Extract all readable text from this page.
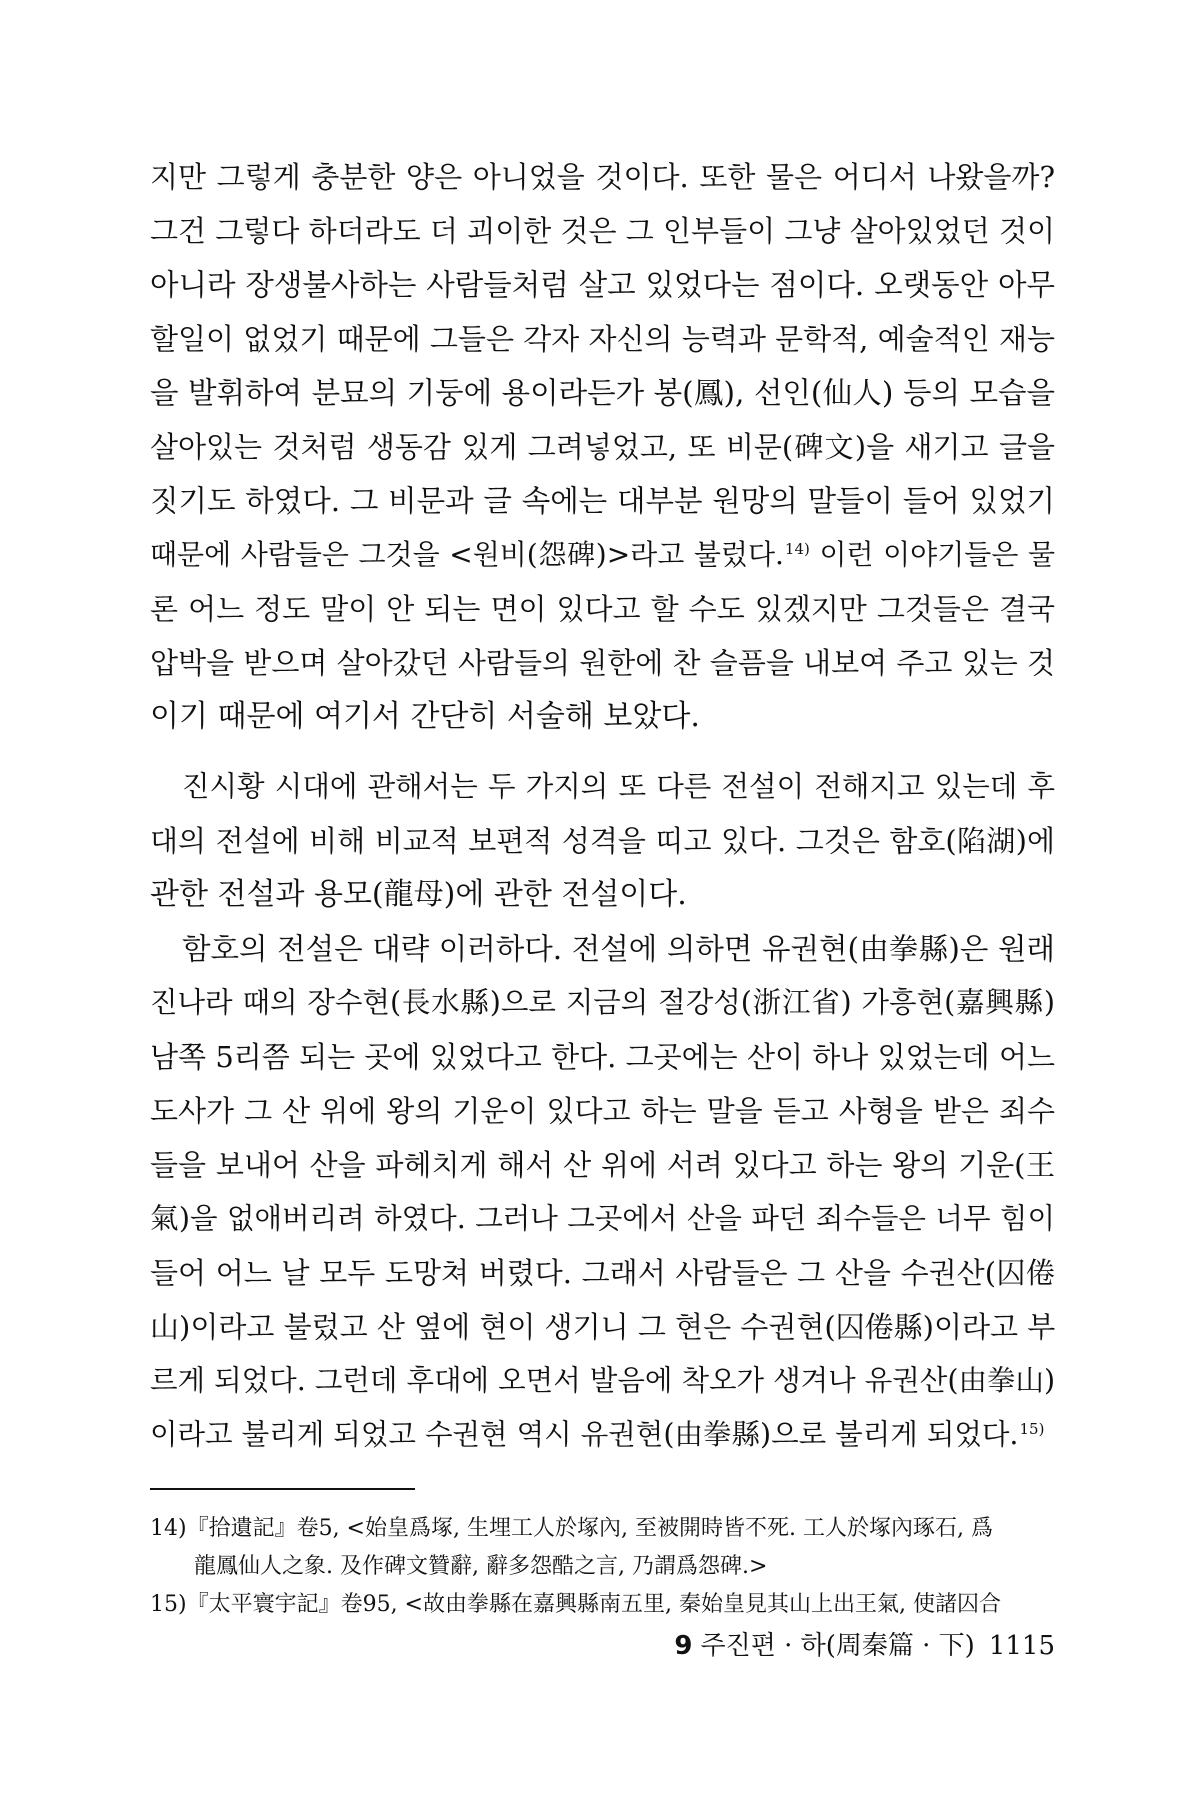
지만 그렇게 충분한 양은 아니었을 것이다. 또한 물은 어디서 나왔을까?
그건 그렇다 하더라도 더 괴이한 것은 그 인부들이 그냥 살아있었던 것이
아니라 장생불사하는 사람들처럼 살고 있었다는 점이다. 오랫동안 아무
할일이 없었기 때문에 그들은 각자 자신의 능력과 문학적, 예술적인 재능
을 발휘하여 분묘의 기둥에 용이라든가 봉(鳳), 선인(仙人) 등의 모습을
살아있는 것처럼 생동감 있게 그려넣었고, 또 비문(碑文)을 새기고 글을
짓기도 하였다. 그 비문과 글 속에는 대부분 원망의 말들이 들어 있었기
때문에 사람들은 그것을 <원비(怨碑)>라고 불렀다.$^{14)}$ 이런 이야기들은 물
론 어느 정도 말이 안 되는 면이 있다고 할 수도 있겠지만 그것들은 결국
압박을 받으며 살아갔던 사람들의 원한에 찬 슬픔을 내보여 주고 있는 것
이기 때문에 여기서 간단히 서술해 보았다.
진시황 시대에 관해서는 두 가지의 또 다른 전설이 전해지고 있는데 후
대의 전설에 비해 비교적 보편적 성격을 띠고 있다. 그것은 함호(陷湖)에
관한 전설과 용모(龍母)에 관한 전설이다.
함호의 전설은 대략 이러하다. 전설에 의하면 유권현(由拳縣)은 원래
진나라 때의 장수현(長水縣)으로 지금의 절강성(浙江省) 가흥현(嘉興縣)
남쪽 5리쯤 되는 곳에 있었다고 한다. 그곳에는 산이 하나 있었는데 어느
도사가 그 산 위에 왕의 기운이 있다고 하는 말을 듣고 사형을 받은 죄수
들을 보내어 산을 파헤치게 해서 산 위에 서려 있다고 하는 왕의 기운(王
氣)을 없애버리려 하였다. 그러나 그곳에서 산을 파던 죄수들은 너무 힘이
들어 어느 날 모두 도망쳐 버렸다. 그래서 사람들은 그 산을 수권산(囚倦
山)이라고 불렀고 산 옆에 현이 생기니 그 현은 수권현(囚倦縣)이라고 부
르게 되었다. 그런데 후대에 오면서 발음에 착오가 생겨나 유권산(由拳山)
이라고 불리게 되었고 수권현 역시 유권현(由拳縣)으로 불리게 되었다.$^{15)}$
14)『拾遺記』卷5, <始皇爲塚, 生埋工人於塚內, 至被開時皆不死. 工人於塚內琢石, 爲
龍鳳仙人之象. 及作碑文贊辭, 辭多怨酷之言, 乃謂爲怨碑.>
15)『太平寰宇記』卷95, <故由拳縣在嘉興縣南五里, 秦始皇見其山上出王氣, 使諸囚合
9 주진편 · 하(周秦篇 · 下) 1115
